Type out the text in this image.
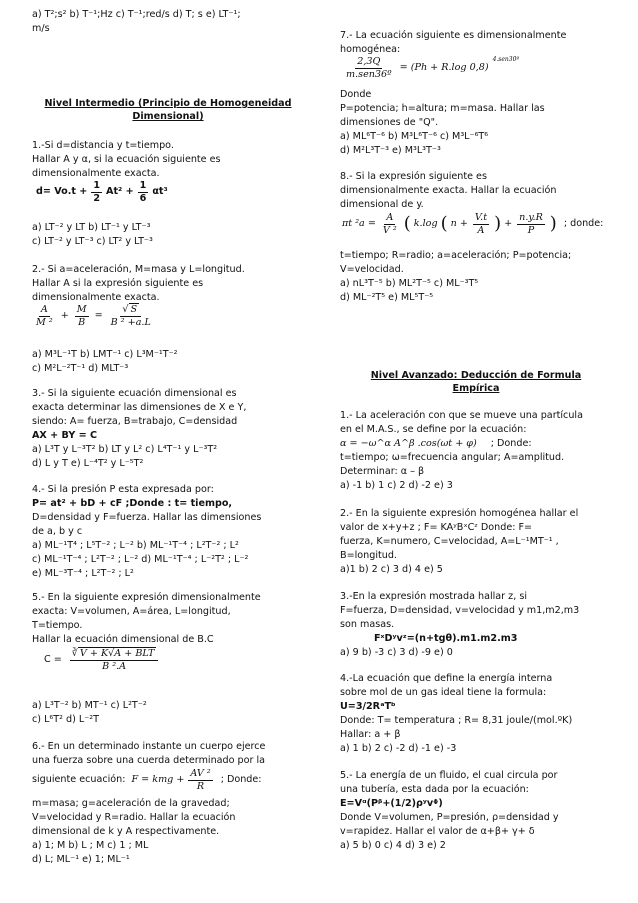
a) T²;s² b) T⁻¹;Hz c) T⁻¹;red/s d) T; s e) LT⁻¹;
m/s
Nivel Intermedio (Principio de Homogeneidad
Dimensional)
1.-Si d=distancia y t=tiempo.
Hallar A y α, si la ecuación siguiente es
dimensionalmente exacta.
$d= Vo.t + \frac{1}{2} At^2 + \frac{1}{6} \alpha t^3$
a) LT⁻² y LT b) LT⁻¹ y LT⁻³
c) LT⁻² y LT⁻³ c) LT² y LT⁻³
2.- Si a=aceleración, M=masa y L=longitud.
Hallar A si la expresión siguiente es
dimensionalmente exacta.
$\frac{A}{\text{M ²}} + \frac{M}{B} = \frac{√ S}{\text{B ² +a.L}}$
a) M³L⁻¹T b) LMT⁻¹ c) L³M⁻¹T⁻²
c) M²L⁻²T⁻¹ d) MLT⁻³
3.- Si la siguiente ecuación dimensional es
exacta determinar las dimensiones de X e Y,
siendo: A= fuerza, B=trabajo, C=densidad
AX + BY = C
a) L³T y L⁻³T² b) LT y L² c) L⁴T⁻¹ y L⁻³T²
d) L y T e) L⁻⁴T² y L⁻⁵T²
4.- Si la presión P esta expresada por:
P= at² + bD + cF ;Donde : t= tiempo,
D=densidad y F=fuerza. Hallar las dimensiones
de a, b y c
a) ML⁻¹T⁴ ; L⁵T⁻² ; L⁻² b) ML⁻¹T⁻⁴ ; L²T⁻² ; L²
c) ML⁻¹T⁻⁴ ; L²T⁻² ; L⁻² d) ML⁻¹T⁻⁴ ; L⁻²T² ; L⁻²
e) ML⁻³T⁻⁴ ; L²T⁻² ; L²
5.- En la siguiente expresión dimensionalmente
exacta: V=volumen, A=área, L=longitud,
T=tiempo.
Hallar la ecuación dimensional de B.C
$C = \frac{\text{∛ V + K√A + BLT}}{\text{B ².A}}$
a) L³T⁻² b) MT⁻¹ c) L²T⁻²
c) L⁶T² d) L⁻²T
6.- En un determinado instante un cuerpo ejerce
una fuerza sobre una cuerda determinado por la
siguiente ecuación: F = kmg + $\frac{\text{AV ²}}{R}$ ; Donde:
m=masa; g=aceleración de la gravedad;
V=velocidad y R=radio. Hallar la ecuación
dimensional de k y A respectivamente.
a) 1; M b) L ; M c) 1 ; ML
d) L; ML⁻¹ e) 1; ML⁻¹
7.- La ecuación siguiente es dimensionalmente
homogénea:
$\frac{2,3Q}{\text{m.sen36º}} = (Ph + R.\log$ 0,8)
$^{4.sen30º}$
Donde
P=potencia; h=altura; m=masa. Hallar las
dimensiones de "Q".
a) ML⁶T⁻⁶ b) M³L⁶T⁻⁶ c) M³L⁻⁶T⁶
d) M²L³T⁻³ e) M³L³T⁻³
8.- Si la expresión siguiente es
dimensionalmente exacta. Hallar la ecuación
dimensional de y.
πt $^2a = \frac{A}{\text{V ²}}$ ( k.log ( $n + \frac{V.t}{A}$ ) + $\frac{n.y.R}{P}$ ) ; donde:
t=tiempo; R=radio; a=aceleración; P=potencia;
V=velocidad.
a) nL³T⁻⁵ b) ML²T⁻⁵ c) ML⁻³T⁵
d) ML⁻²T⁵ e) ML⁵T⁻⁵
Nivel Avanzado: Deducción de Formula
Empírica
1.- La aceleración con que se mueve una partícula
en el M.A.S., se define por la ecuación:
α = −ω^α A^β .cos(ωt + φ) ; Donde:
t=tiempo; ω=frecuencia angular; A=amplitud.
Determinar: α – β
a) -1 b) 1 c) 2 d) -2 e) 3
2.- En la siguiente expresión homogénea hallar el
valor de x+y+z ; F= KAʸBˣCᶻ Donde: F=
fuerza, K=numero, C=velocidad, A=L⁻¹MT⁻¹ ,
B=longitud.
a)1 b) 2 c) 3 d) 4 e) 5
3.-En la expresión mostrada hallar z, si
F=fuerza, D=densidad, v=velocidad y m1,m2,m3
son masas.
FˣDʸvᶻ=(n+tgθ).m1.m2.m3
a) 9 b) -3 c) 3 d) -9 e) 0
4.-La ecuación que define la energía interna
sobre mol de un gas ideal tiene la formula:
U=3/2RᵃTᵇ
Donde: T= temperatura ; R= 8,31 joule/(mol.ºK)
Hallar: a + β
a) 1 b) 2 c) -2 d) -1 e) -3
5.- La energía de un fluido, el cual circula por
una tubería, esta dada por la ecuación:
E=Vᵅ(Pᵝ+(1/2)ρʸvᶲ)
Donde V=volumen, P=presión, ρ=densidad y
v=rapidez. Hallar el valor de α+β+ γ+ δ
a) 5 b) 0 c) 4 d) 3 e) 2
